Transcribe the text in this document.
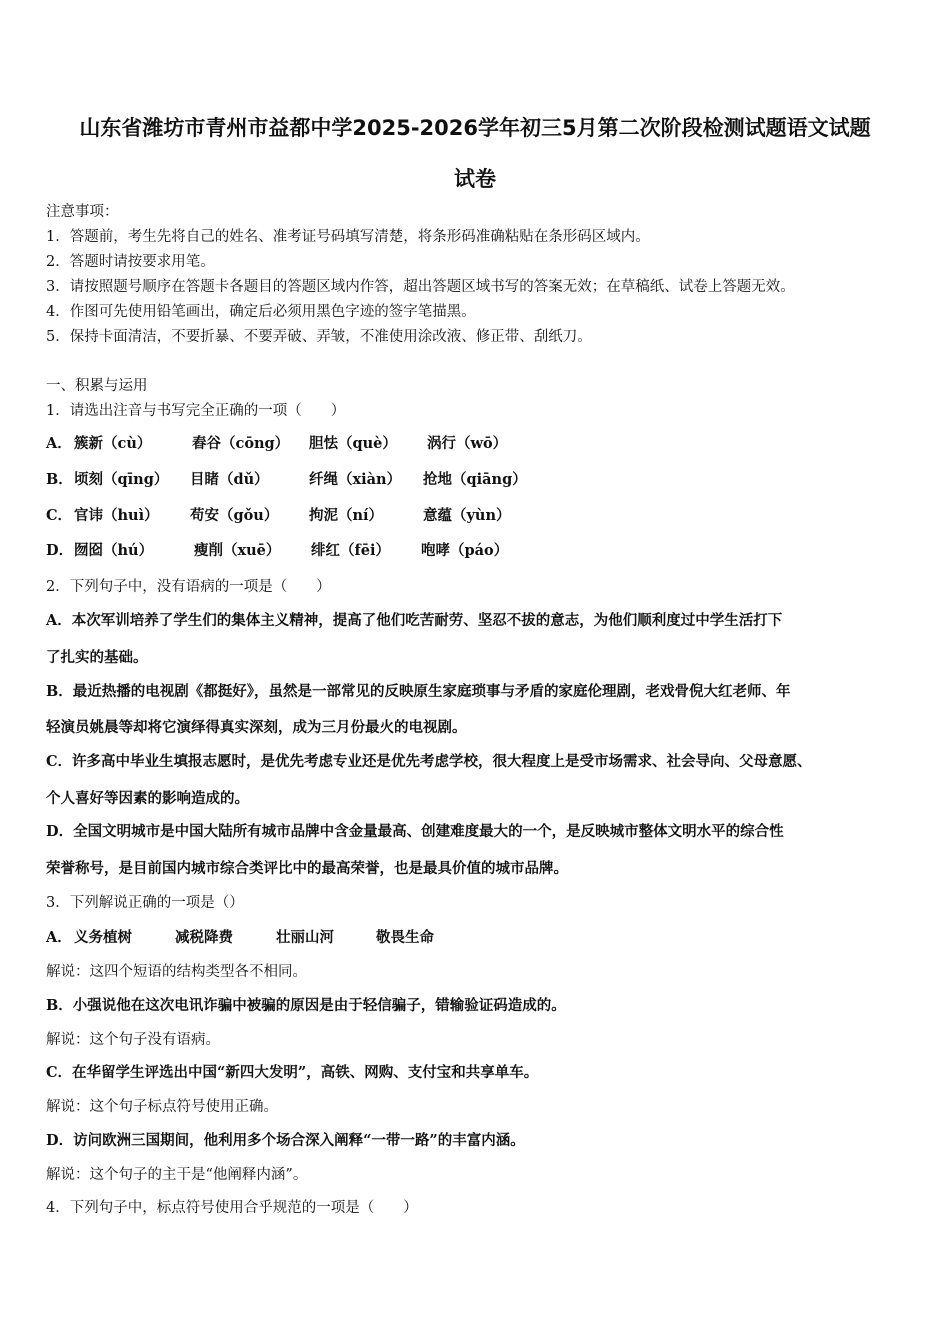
山东省潍坊市青州市益都中学2025-2026学年初三5月第二次阶段检测试题语文试题
试卷
注意事项：
1．答题前，考生先将自己的姓名、准考证号码填写清楚，将条形码准确粘贴在条形码区域内。
2．答题时请按要求用笔。
3．请按照题号顺序在答题卡各题目的答题区域内作答，超出答题区域书写的答案无效；在草稿纸、试卷上答题无效。
4．作图可先使用铅笔画出，确定后必须用黑色字迹的签字笔描黑。
5．保持卡面清洁，不要折暴、不要弄破、弄皱，不准使用涂改液、修正带、刮纸刀。
一、积累与运用
1．请选出注音与书写完全正确的一项（　　）
A． 簇新（cù）	舂谷（cōng） 胆怯（què） 涡行（wō）
B． 顷刻（qīng） 目睹（dǔ）	纤绳（xiàn） 抢地（qiāng）
C． 官讳（huì） 苟安（gǒu） 拘泥（ní）	意蕴（yùn）
D． 囫囵（hú）	瘦削（xuē） 绯红（fēi） 咆哮（páo）
2．下列句子中，没有语病的一项是（　　）
A．本次军训培养了学生们的集体主义精神，提高了他们吃苦耐劳、坚忍不拔的意志，为他们顺利度过中学生活打下
了扎实的基础。
B．最近热播的电视剧《都挺好》，虽然是一部常见的反映原生家庭琐事与矛盾的家庭伦理剧，老戏骨倪大红老师、年
轻演员姚晨等却将它演绎得真实深刻，成为三月份最火的电视剧。
C．许多高中毕业生填报志愿时，是优先考虑专业还是优先考虑学校，很大程度上是受市场需求、社会导向、父母意愿、
个人喜好等因素的影响造成的。
D．全国文明城市是中国大陆所有城市品牌中含金量最高、创建难度最大的一个，是反映城市整体文明水平的综合性
荣誉称号，是目前国内城市综合类评比中的最高荣誉，也是最具价值的城市品牌。
3．下列解说正确的一项是（）
A． 义务植树	减税降费	壮丽山河	敬畏生命
解说：这四个短语的结构类型各不相同。
B．小强说他在这次电讯诈骗中被骗的原因是由于轻信骗子，错输验证码造成的。
解说：这个句子没有语病。
C．在华留学生评选出中国“新四大发明”，高铁、网购、支付宝和共享单车。
解说：这个句子标点符号使用正确。
D．访问欧洲三国期间，他利用多个场合深入阐释“一带一路”的丰富内涵。
解说：这个句子的主干是“他阐释内涵”。
4．下列句子中，标点符号使用合乎规范的一项是（　　）
